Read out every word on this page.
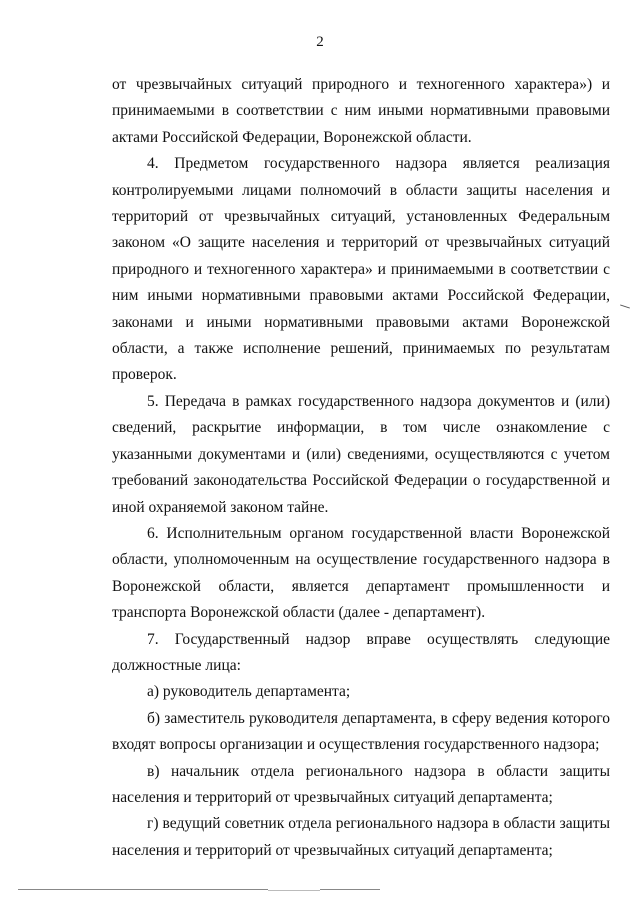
2

от чрезвычайных ситуаций природного и техногенного характера») и принимаемыми в соответствии с ним иными нормативными правовыми актами Российской Федерации, Воронежской области.

4. Предметом государственного надзора является реализация контролируемыми лицами полномочий в области защиты населения и территорий от чрезвычайных ситуаций, установленных Федеральным законом «О защите населения и территорий от чрезвычайных ситуаций природного и техногенного характера» и принимаемыми в соответствии с ним иными нормативными правовыми актами Российской Федерации, законами и иными нормативными правовыми актами Воронежской области, а также исполнение решений, принимаемых по результатам проверок.

5. Передача в рамках государственного надзора документов и (или) сведений, раскрытие информации, в том числе ознакомление с указанными документами и (или) сведениями, осуществляются с учетом требований законодательства Российской Федерации о государственной и иной охраняемой законом тайне.

6. Исполнительным органом государственной власти Воронежской области, уполномоченным на осуществление государственного надзора в Воронежской области, является департамент промышленности и транспорта Воронежской области (далее - департамент).

7. Государственный надзор вправе осуществлять следующие должностные лица:

а) руководитель департамента;

б) заместитель руководителя департамента, в сферу ведения которого входят вопросы организации и осуществления государственного надзора;

в) начальник отдела регионального надзора в области защиты населения и территорий от чрезвычайных ситуаций департамента;

г) ведущий советник отдела регионального надзора в области защиты населения и территорий от чрезвычайных ситуаций департамента;
